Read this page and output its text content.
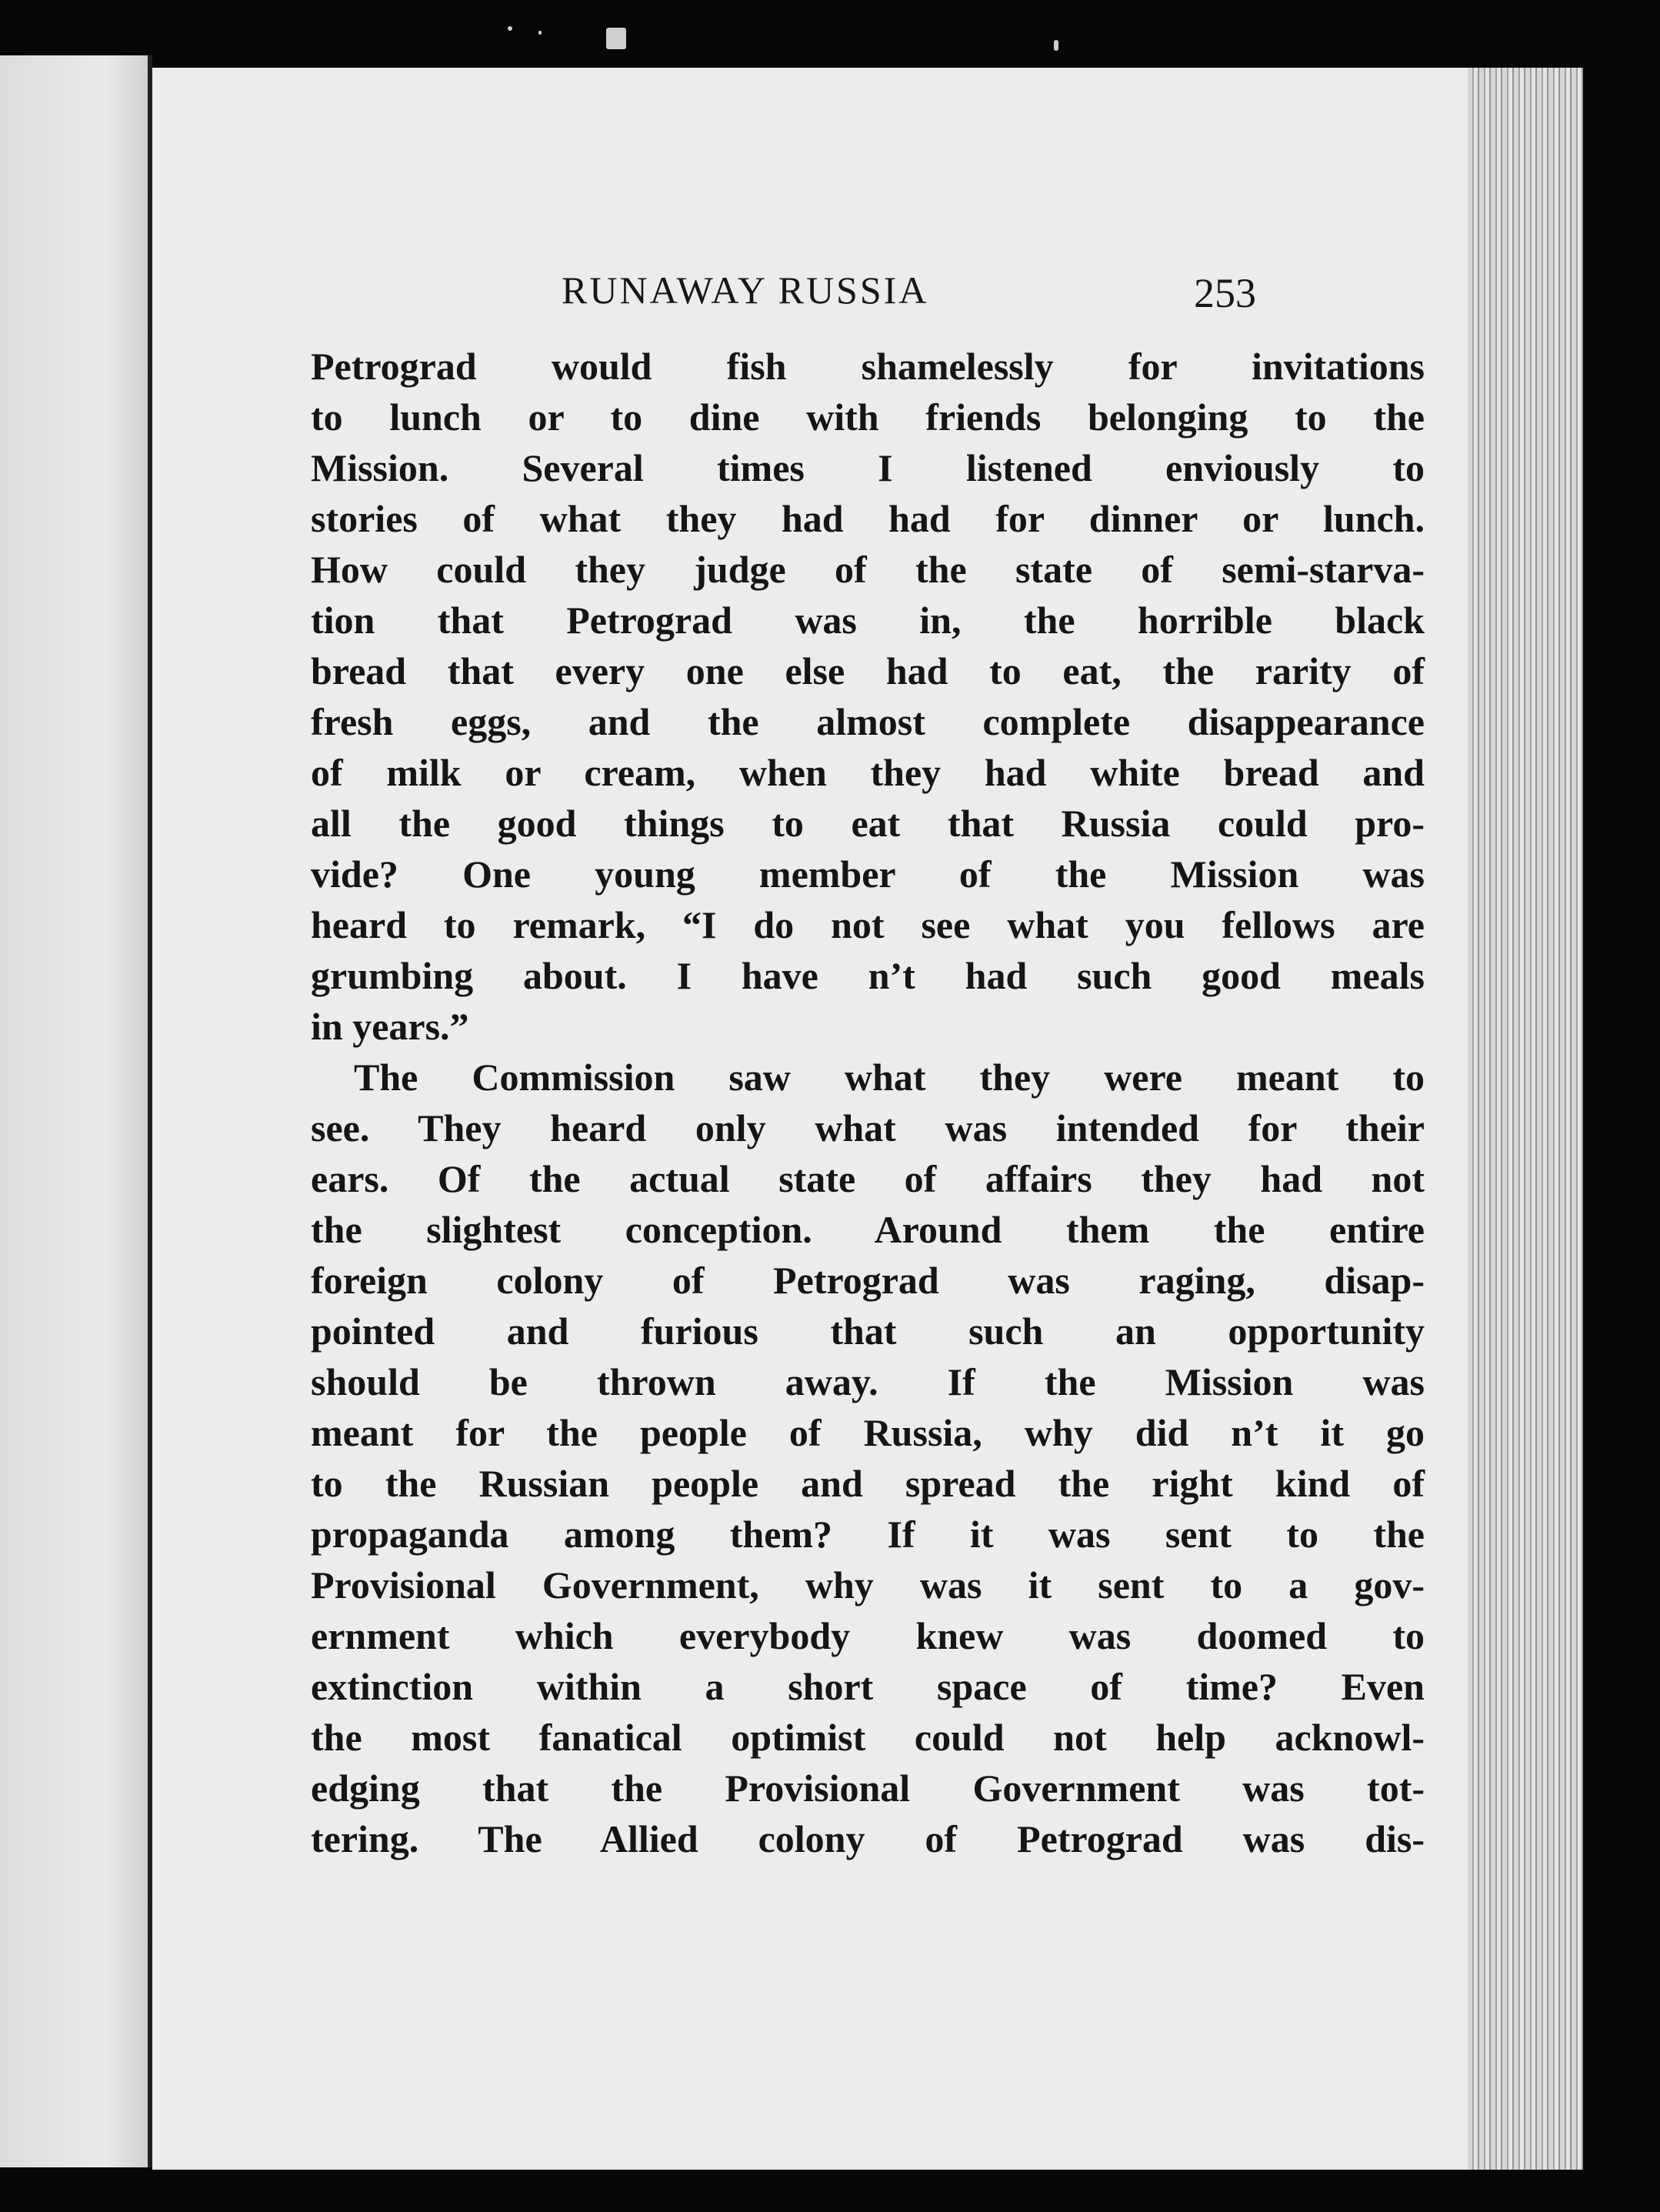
RUNAWAY RUSSIA	253

Petrograd would fish shamelessly for invitations

to lunch or to dine with friends belonging to the

Mission. Several times I listened enviously to

stories of what they had had for dinner or lunch.

How could they judge of the state of semi-starva-

tion that Petrograd was in, the horrible black

bread that every one else had to eat, the rarity of

fresh eggs, and the almost complete disappearance

of milk or cream, when they had white bread and

all the good things to eat that Russia could pro-

vide? One young member of the Mission was

heard to remark, “I do not see what you fellows are

grumbing about. I have n’t had such good meals

in years.”

The Commission saw what they were meant to

see. They heard only what was intended for their

ears. Of the actual state of affairs they had not

the slightest conception. Around them the entire

foreign colony of Petrograd was raging, disap-

pointed and furious that such an opportunity

should be thrown away. If the Mission was

meant for the people of Russia, why did n’t it go

to the Russian people and spread the right kind of

propaganda among them? If it was sent to the

Provisional Government, why was it sent to a gov-

ernment which everybody knew was doomed to

extinction within a short space of time? Even

the most fanatical optimist could not help acknowl-

edging that the Provisional Government was tot-

tering. The Allied colony of Petrograd was dis-
